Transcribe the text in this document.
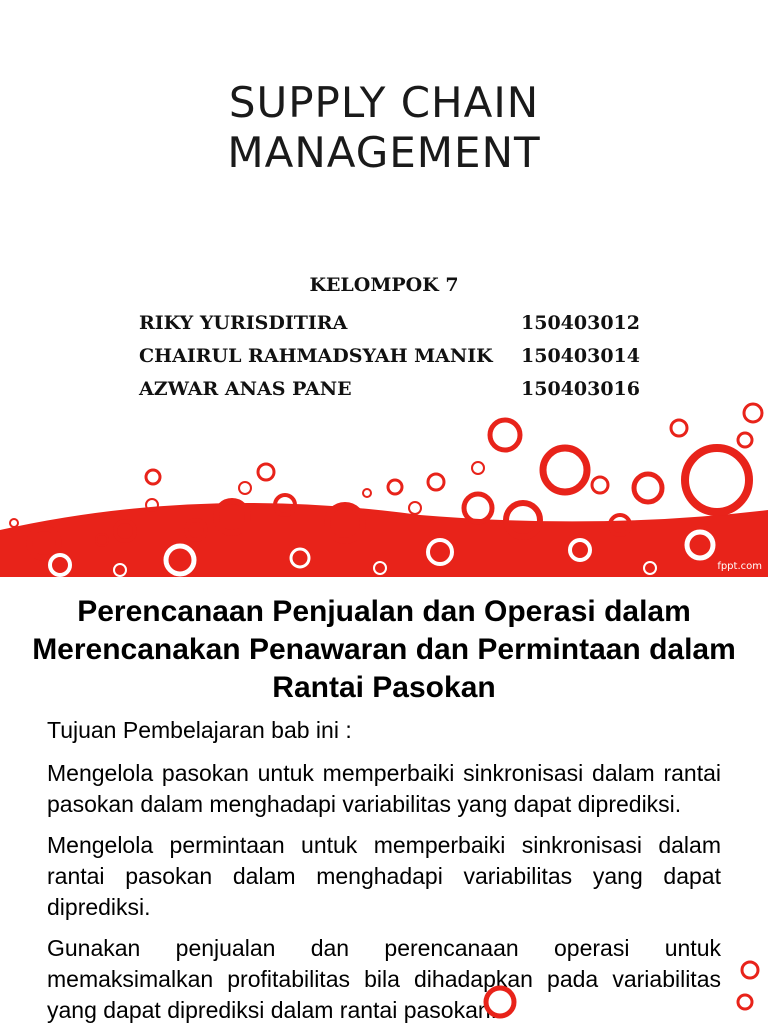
SUPPLY CHAIN
MANAGEMENT
KELOMPOK 7
RIKY YURISDITIRA	150403012
CHAIRUL RAHMADSYAH MANIK	150403014
AZWAR ANAS PANE	150403016
fppt.com
Perencanaan Penjualan dan Operasi dalam Merencanakan Penawaran dan Permintaan dalam Rantai Pasokan

Tujuan Pembelajaran bab ini :

Mengelola pasokan untuk memperbaiki sinkronisasi dalam rantai pasokan dalam menghadapi variabilitas yang dapat diprediksi.

Mengelola permintaan untuk memperbaiki sinkronisasi dalam rantai pasokan dalam menghadapi variabilitas yang dapat diprediksi.

Gunakan penjualan dan perencanaan operasi untuk memaksimalkan profitabilitas bila dihadapkan pada variabilitas yang dapat diprediksi dalam rantai pasokan.
